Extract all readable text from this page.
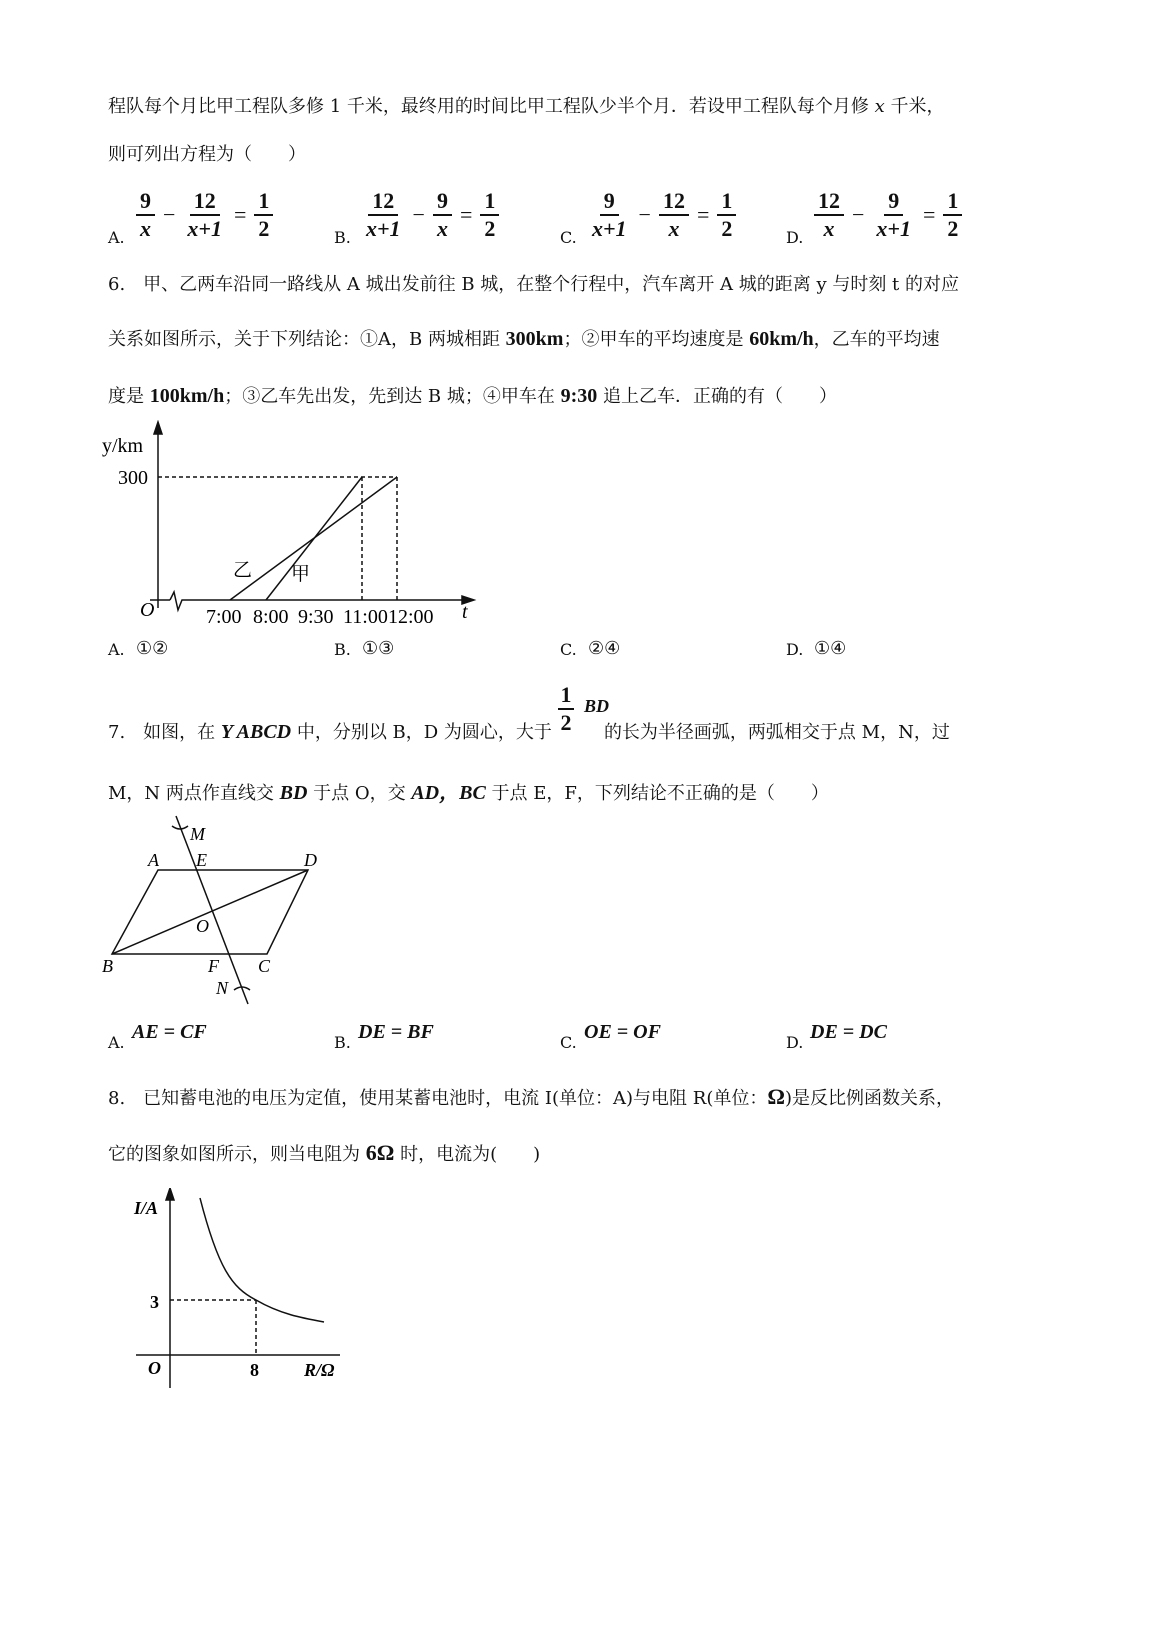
程队每个月比甲工程队多修 1 千米，最终用的时间比甲工程队少半个月．若设甲工程队每个月修 x 千米，
则可列出方程为（　　）
A. $\frac{9}{x} - \frac{12}{x+1} = \frac{1}{2}$	B. $\frac{12}{x+1} - \frac{9}{x} = \frac{1}{2}$	C. $\frac{9}{x+1} - \frac{12}{x} = \frac{1}{2}$	D. $\frac{12}{x} - \frac{9}{x+1} = \frac{1}{2}$
6.　甲、乙两车沿同一路线从 A 城出发前往 B 城，在整个行程中，汽车离开 A 城的距离 y 与时刻 t 的对应
关系如图所示，关于下列结论：①A，B 两城相距 300km；②甲车的平均速度是 60km/h，乙车的平均速
度是 100km/h；③乙车先出发，先到达 B 城；④甲车在 9:30 追上乙车．正确的有（　　）
y/km
300
O	t
乙 甲
7:00 8:00 9:30 11:00 12:00
A. ①②	B. ①③	C. ②④	D. ①④
7.　如图，在 Y ABCD 中，分别以 B，D 为圆心，大于	的长为半径画弧，两弧相交于点 M，N，过
1
2
BD
M，N 两点作直线交 BD 于点 O，交 AD，BC 于点 E，F，下列结论不正确的是（　　）
M
A E	D
O
B	F C
N
A. AE = CF	B. DE = BF	C. OE = OF	D. DE = DC
8.　已知蓄电池的电压为定值，使用某蓄电池时，电流 I(单位：A)与电阻 R(单位：Ω)是反比例函数关系，
它的图象如图所示，则当电阻为 6Ω 时，电流为(　　)
I/A
3
O	8	R/Ω
